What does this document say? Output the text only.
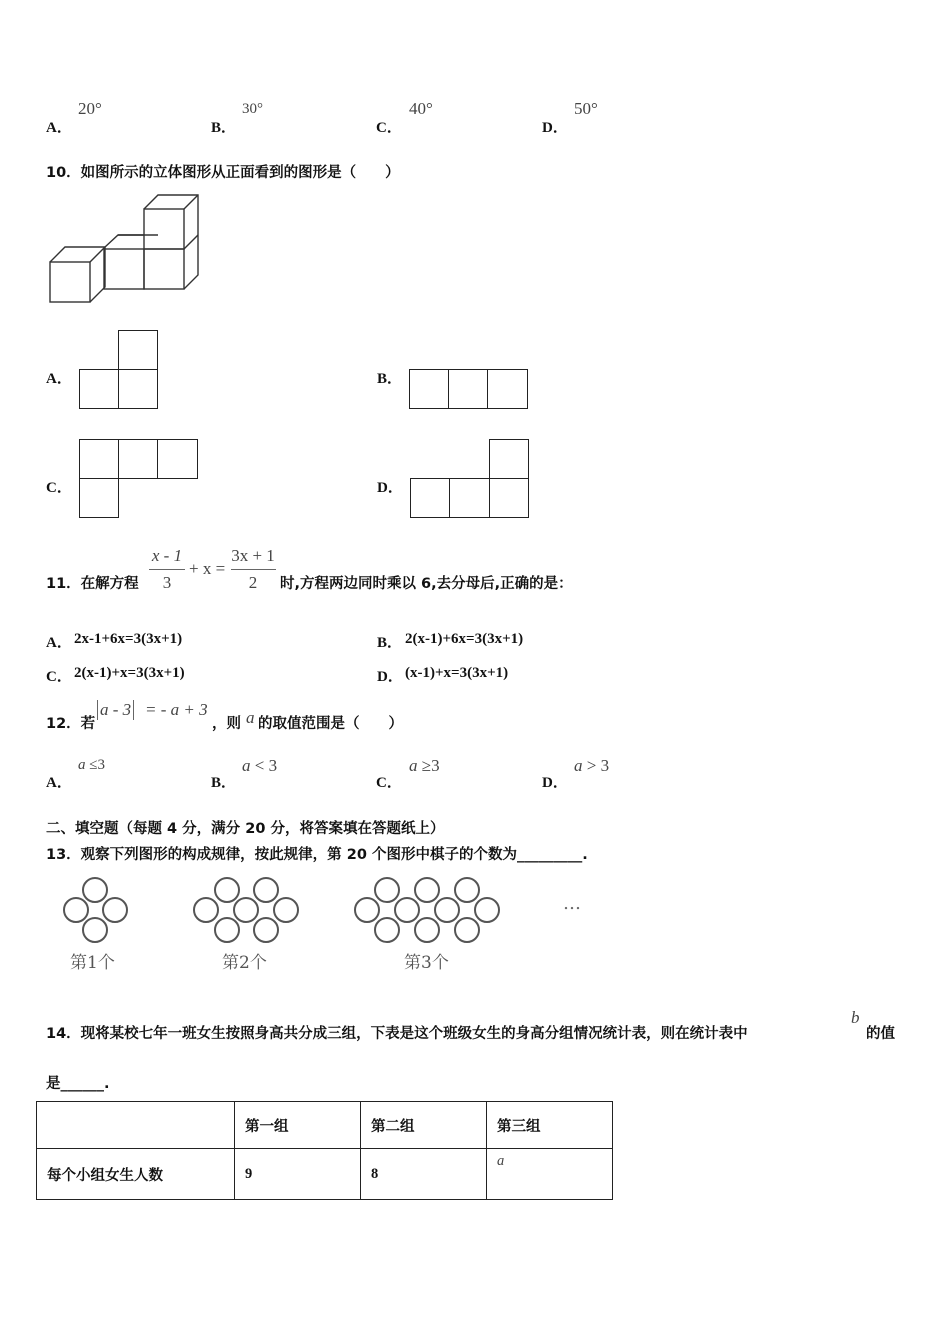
A．
20°
B．
30°
C．
40°
D．
50°
10．如图所示的立体图形从正面看到的图形是（　　）
A．	B．
C．	D．
11．在解方程
x - 1
3
+ x =
3x + 1
2	时,方程两边同时乘以 6,去分母后,正确的是：
A． 2x-1+6x=3(3x+1)	B． 2(x-1)+6x=3(3x+1)
C． 2(x-1)+x=3(3x+1)	D． (x-1)+x=3(3x+1)
12．若
a - 3 = - a + 3
，则 a 的取值范围是（　　）
A．
a ≤3
B．
a < 3
C．
a ≥3
D．
a > 3
二、填空题（每题 4 分，满分 20 分，将答案填在答题纸上）
13．观察下列图形的构成规律，按此规律，第 20 个图形中棋子的个数为_________.
…
第1个	第2个	第3个
14．现将某校七年一班女生按照身高共分成三组，下表是这个班级女生的身高分组情况统计表，则在统计表中
b
的值
是______.
	第一组	第二组	第三组
每个小组女生人数	9	8	a
